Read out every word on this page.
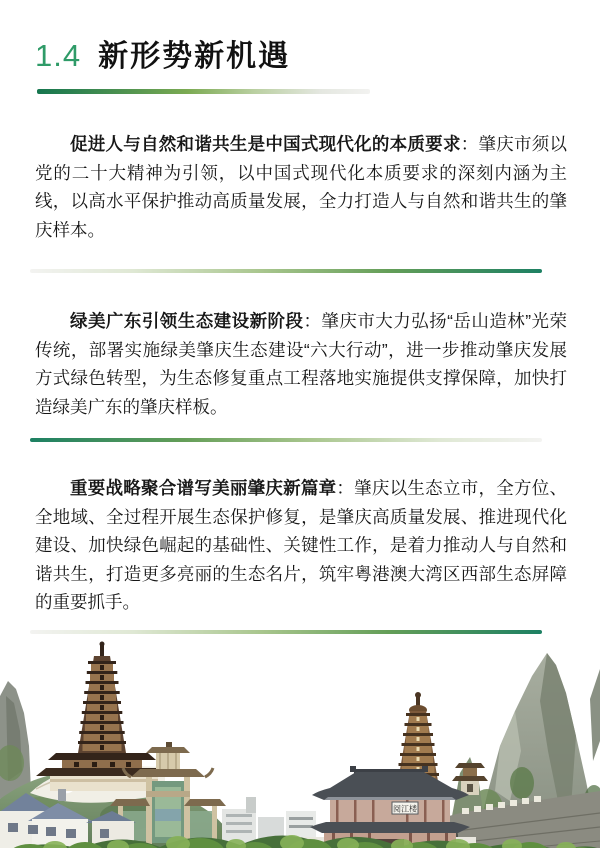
1.4 新形势新机遇

促进人与自然和谐共生是中国式现代化的本质要求：肇庆市须以党的二十大精神为引领，以中国式现代化本质要求的深刻内涵为主线，以高水平保护推动高质量发展，全力打造人与自然和谐共生的肇庆样本。

绿美广东引领生态建设新阶段：肇庆市大力弘扬“岳山造林”光荣传统，部署实施绿美肇庆生态建设“六大行动”，进一步推动肇庆发展方式绿色转型，为生态修复重点工程落地实施提供支撑保障，加快打造绿美广东的肇庆样板。

重要战略聚合谱写美丽肇庆新篇章：肇庆以生态立市，全方位、全地域、全过程开展生态保护修复，是肇庆高质量发展、推进现代化建设、加快绿色崛起的基础性、关键性工作，是着力推动人与自然和谐共生，打造更多亮丽的生态名片，筑牢粤港澳大湾区西部生态屏障的重要抓手。

阅江楼
